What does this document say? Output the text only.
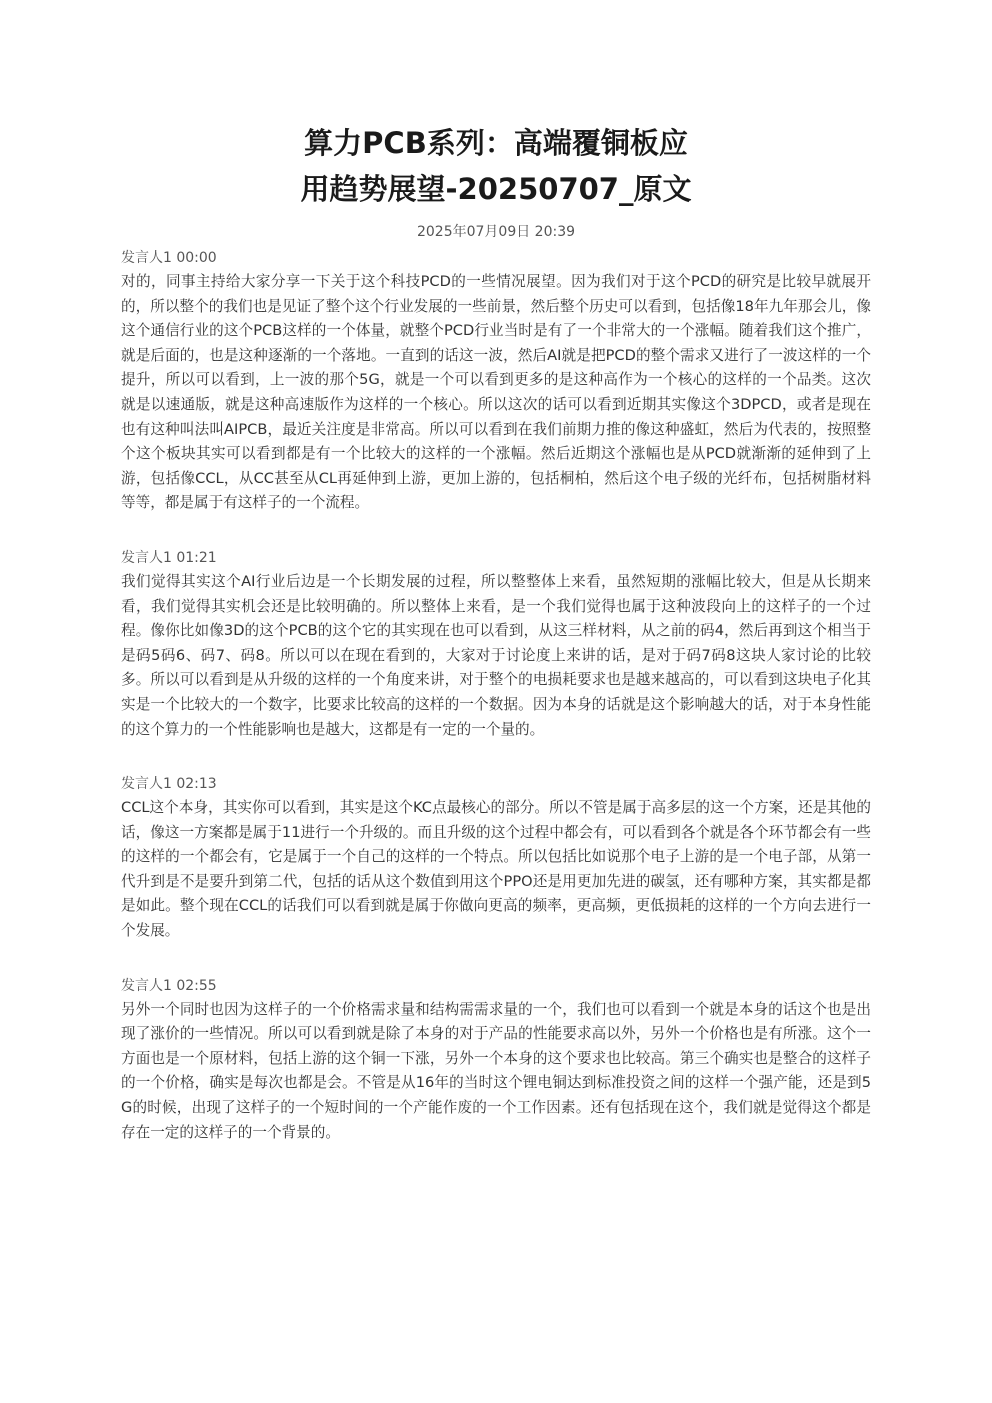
算力PCB系列：高端覆铜板应
用趋势展望-20250707_原文
2025年07月09日 20:39
发言人1 00:00

对的，同事主持给大家分享一下关于这个科技PCD的一些情况展望。因为我们对于这个PCD的研究是比较早就展开的，所以整个的我们也是见证了整个这个行业发展的一些前景，然后整个历史可以看到，包括像18年九年那会儿，像这个通信行业的这个PCB这样的一个体量，就整个PCD行业当时是有了一个非常大的一个涨幅。随着我们这个推广，就是后面的，也是这种逐渐的一个落地。一直到的话这一波，然后AI就是把PCD的整个需求又进行了一波这样的一个提升，所以可以看到，上一波的那个5G，就是一个可以看到更多的是这种高作为一个核心的这样的一个品类。这次就是以速通版，就是这种高速版作为这样的一个核心。所以这次的话可以看到近期其实像这个3DPCD，或者是现在也有这种叫法叫AIPCB，最近关注度是非常高。所以可以看到在我们前期力推的像这种盛虹，然后为代表的，按照整个这个板块其实可以看到都是有一个比较大的这样的一个涨幅。然后近期这个涨幅也是从PCD就渐渐的延伸到了上游，包括像CCL，从CC甚至从CL再延伸到上游，更加上游的，包括桐柏，然后这个电子级的光纤布，包括树脂材料等等，都是属于有这样子的一个流程。

发言人1 01:21

我们觉得其实这个AI行业后边是一个长期发展的过程，所以整整体上来看，虽然短期的涨幅比较大，但是从长期来看，我们觉得其实机会还是比较明确的。所以整体上来看，是一个我们觉得也属于这种波段向上的这样子的一个过程。像你比如像3D的这个PCB的这个它的其实现在也可以看到，从这三样材料，从之前的码4，然后再到这个相当于是码5码6、码7、码8。所以可以在现在看到的，大家对于讨论度上来讲的话，是对于码7码8这块人家讨论的比较多。所以可以看到是从升级的这样的一个角度来讲，对于整个的电损耗要求也是越来越高的，可以看到这块电子化其实是一个比较大的一个数字，比要求比较高的这样的一个数据。因为本身的话就是这个影响越大的话，对于本身性能的这个算力的一个性能影响也是越大，这都是有一定的一个量的。

发言人1 02:13

CCL这个本身，其实你可以看到，其实是这个KC点最核心的部分。所以不管是属于高多层的这一个方案，还是其他的话，像这一方案都是属于11进行一个升级的。而且升级的这个过程中都会有，可以看到各个就是各个环节都会有一些的这样的一个都会有，它是属于一个自己的这样的一个特点。所以包括比如说那个电子上游的是一个电子部，从第一代升到是不是要升到第二代，包括的话从这个数值到用这个PPO还是用更加先进的碳氢，还有哪种方案，其实都是都是如此。整个现在CCL的话我们可以看到就是属于你做向更高的频率，更高频，更低损耗的这样的一个方向去进行一个发展。

发言人1 02:55

另外一个同时也因为这样子的一个价格需求量和结构需需求量的一个，我们也可以看到一个就是本身的话这个也是出现了涨价的一些情况。所以可以看到就是除了本身的对于产品的性能要求高以外，另外一个价格也是有所涨。这个一方面也是一个原材料，包括上游的这个铜一下涨，另外一个本身的这个要求也比较高。第三个确实也是整合的这样子的一个价格，确实是每次也都是会。不管是从16年的当时这个锂电铜达到标准投资之间的这样一个强产能，还是到5G的时候，出现了这样子的一个短时间的一个产能作废的一个工作因素。还有包括现在这个，我们就是觉得这个都是存在一定的这样子的一个背景的。
